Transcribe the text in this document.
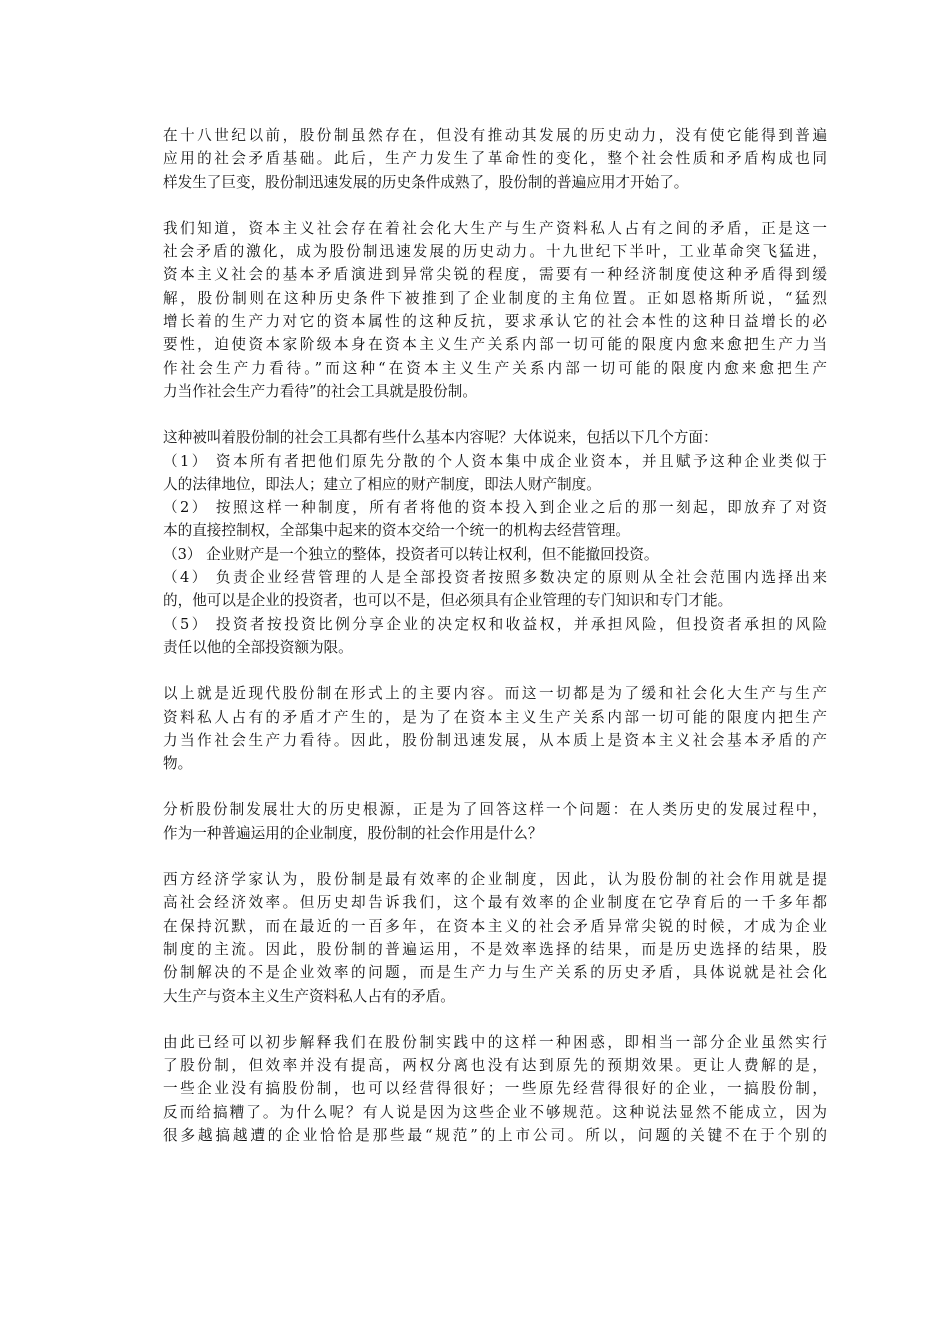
在十八世纪以前，股份制虽然存在，但没有推动其发展的历史动力，没有使它能得到普遍
应用的社会矛盾基础。此后，生产力发生了革命性的变化，整个社会性质和矛盾构成也同
样发生了巨变，股份制迅速发展的历史条件成熟了，股份制的普遍应用才开始了。
我们知道，资本主义社会存在着社会化大生产与生产资料私人占有之间的矛盾，正是这一
社会矛盾的激化，成为股份制迅速发展的历史动力。十九世纪下半叶，工业革命突飞猛进，
资本主义社会的基本矛盾演进到异常尖锐的程度，需要有一种经济制度使这种矛盾得到缓
解，股份制则在这种历史条件下被推到了企业制度的主角位置。正如恩格斯所说，“猛烈
增长着的生产力对它的资本属性的这种反抗，要求承认它的社会本性的这种日益增长的必
要性，迫使资本家阶级本身在资本主义生产关系内部一切可能的限度内愈来愈把生产力当
作社会生产力看待。”而这种“在资本主义生产关系内部一切可能的限度内愈来愈把生产
力当作社会生产力看待”的社会工具就是股份制。
这种被叫着股份制的社会工具都有些什么基本内容呢？大体说来，包括以下几个方面：
（1） 资本所有者把他们原先分散的个人资本集中成企业资本，并且赋予这种企业类似于
人的法律地位，即法人；建立了相应的财产制度，即法人财产制度。
（2） 按照这样一种制度，所有者将他的资本投入到企业之后的那一刻起，即放弃了对资
本的直接控制权，全部集中起来的资本交给一个统一的机构去经营管理。
（3） 企业财产是一个独立的整体，投资者可以转让权利，但不能撤回投资。
（4） 负责企业经营管理的人是全部投资者按照多数决定的原则从全社会范围内选择出来
的，他可以是企业的投资者，也可以不是，但必须具有企业管理的专门知识和专门才能。
（5） 投资者按投资比例分享企业的决定权和收益权，并承担风险，但投资者承担的风险
责任以他的全部投资额为限。
以上就是近现代股份制在形式上的主要内容。而这一切都是为了缓和社会化大生产与生产
资料私人占有的矛盾才产生的，是为了在资本主义生产关系内部一切可能的限度内把生产
力当作社会生产力看待。因此，股份制迅速发展，从本质上是资本主义社会基本矛盾的产
物。
分析股份制发展壮大的历史根源，正是为了回答这样一个问题：在人类历史的发展过程中，
作为一种普遍运用的企业制度，股份制的社会作用是什么？
西方经济学家认为，股份制是最有效率的企业制度，因此，认为股份制的社会作用就是提
高社会经济效率。但历史却告诉我们，这个最有效率的企业制度在它孕育后的一千多年都
在保持沉默，而在最近的一百多年，在资本主义的社会矛盾异常尖锐的时候，才成为企业
制度的主流。因此，股份制的普遍运用，不是效率选择的结果，而是历史选择的结果，股
份制解决的不是企业效率的问题，而是生产力与生产关系的历史矛盾，具体说就是社会化
大生产与资本主义生产资料私人占有的矛盾。
由此已经可以初步解释我们在股份制实践中的这样一种困惑，即相当一部分企业虽然实行
了股份制，但效率并没有提高，两权分离也没有达到原先的预期效果。更让人费解的是，
一些企业没有搞股份制，也可以经营得很好；一些原先经营得很好的企业，一搞股份制，
反而给搞糟了。为什么呢？有人说是因为这些企业不够规范。这种说法显然不能成立，因为
很多越搞越遭的企业恰恰是那些最“规范”的上市公司。所以，问题的关键不在于个别的
